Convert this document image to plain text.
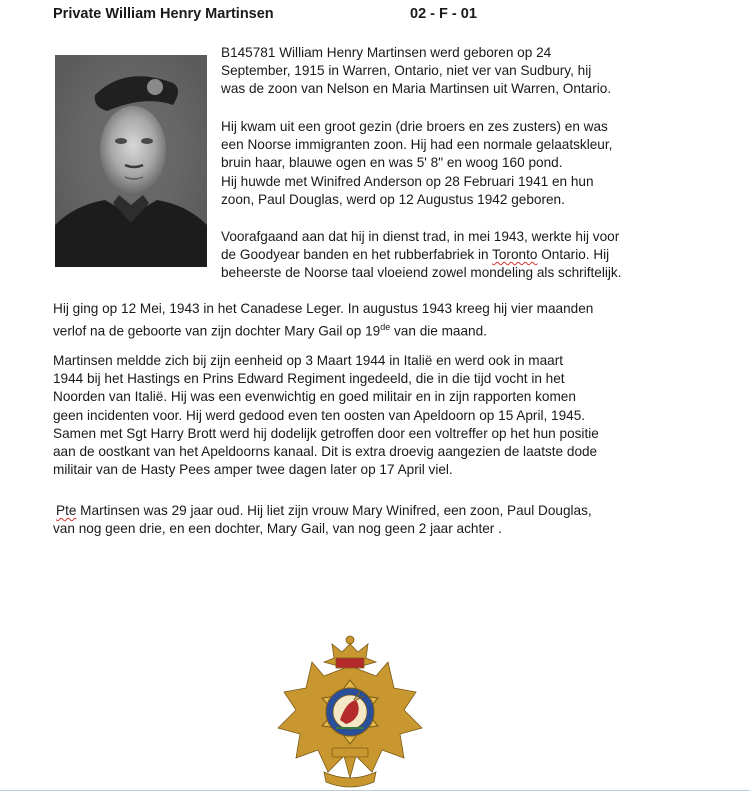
Private William Henry Martinsen	02 - F - 01
B145781 William Henry Martinsen werd geboren op 24
September, 1915 in Warren, Ontario, niet ver van Sudbury, hij
was de zoon van Nelson en Maria Martinsen uit Warren, Ontario.
Hij kwam uit een groot gezin (drie broers en zes zusters) en was
een Noorse immigranten zoon. Hij had een normale gelaatskleur,
bruin haar, blauwe ogen en was 5' 8" en woog 160 pond.
Hij huwde met Winifred Anderson op 28 Februari 1941 en hun
zoon, Paul Douglas, werd op 12 Augustus 1942 geboren.
Voorafgaand aan dat hij in dienst trad, in mei 1943, werkte hij voor
de Goodyear banden en het rubberfabriek in Toronto Ontario. Hij
beheerste de Noorse taal vloeiend zowel mondeling als schriftelijk.
Hij ging op 12 Mei, 1943 in het Canadese Leger. In augustus 1943 kreeg hij vier maanden
verlof na de geboorte van zijn dochter Mary Gail op 19de van die maand.
Martinsen meldde zich bij zijn eenheid op 3 Maart 1944 in Italië en werd ook in maart
1944 bij het Hastings en Prins Edward Regiment ingedeeld, die in die tijd vocht in het
Noorden van Italië. Hij was een evenwichtig en goed militair en in zijn rapporten komen
geen incidenten voor. Hij werd gedood even ten oosten van Apeldoorn op 15 April, 1945.
Samen met Sgt Harry Brott werd hij dodelijk getroffen door een voltreffer op het hun positie
aan de oostkant van het Apeldoorns kanaal. Dit is extra droevig aangezien de laatste dode
militair van de Hasty Pees amper twee dagen later op 17 April viel.
Pte Martinsen was 29 jaar oud. Hij liet zijn vrouw Mary Winifred, een zoon, Paul Douglas,
van nog geen drie, en een dochter, Mary Gail, van nog geen 2 jaar achter .
